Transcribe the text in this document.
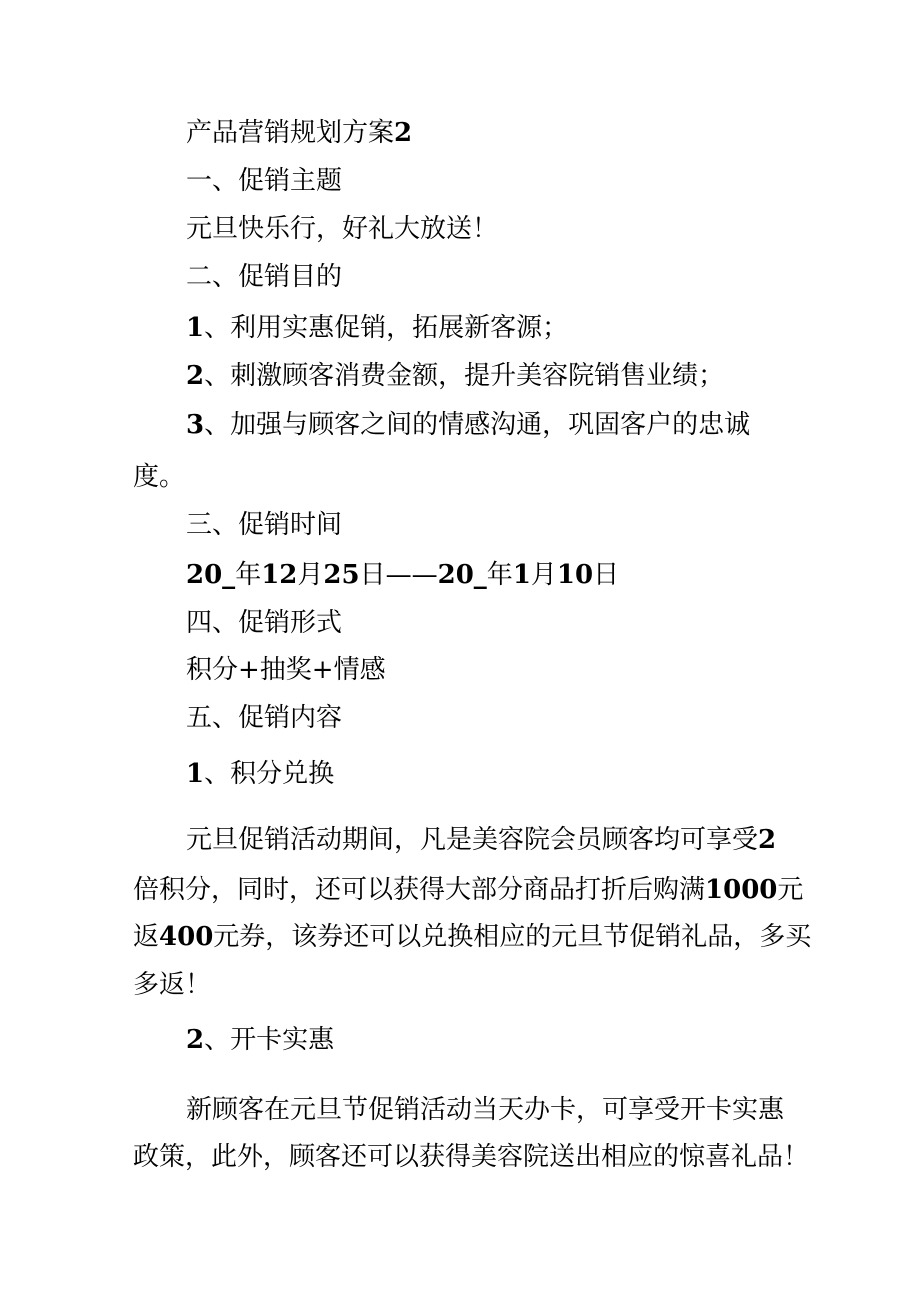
产品营销规划方案2
一、促销主题
元旦快乐行，好礼大放送！
二、促销目的
1、利用实惠促销，拓展新客源；
2、刺激顾客消费金额，提升美容院销售业绩；
3、加强与顾客之间的情感沟通，巩固客户的忠诚
度。
三、促销时间
20_年12月25日——20_年1月10日
四、促销形式
积分+抽奖+情感
五、促销内容
1、积分兑换
元旦促销活动期间，凡是美容院会员顾客均可享受2
倍积分，同时，还可以获得大部分商品打折后购满1000元
返400元券，该券还可以兑换相应的元旦节促销礼品，多买
多返！
2、开卡实惠
新顾客在元旦节促销活动当天办卡，可享受开卡实惠
政策，此外，顾客还可以获得美容院送出相应的惊喜礼品！
